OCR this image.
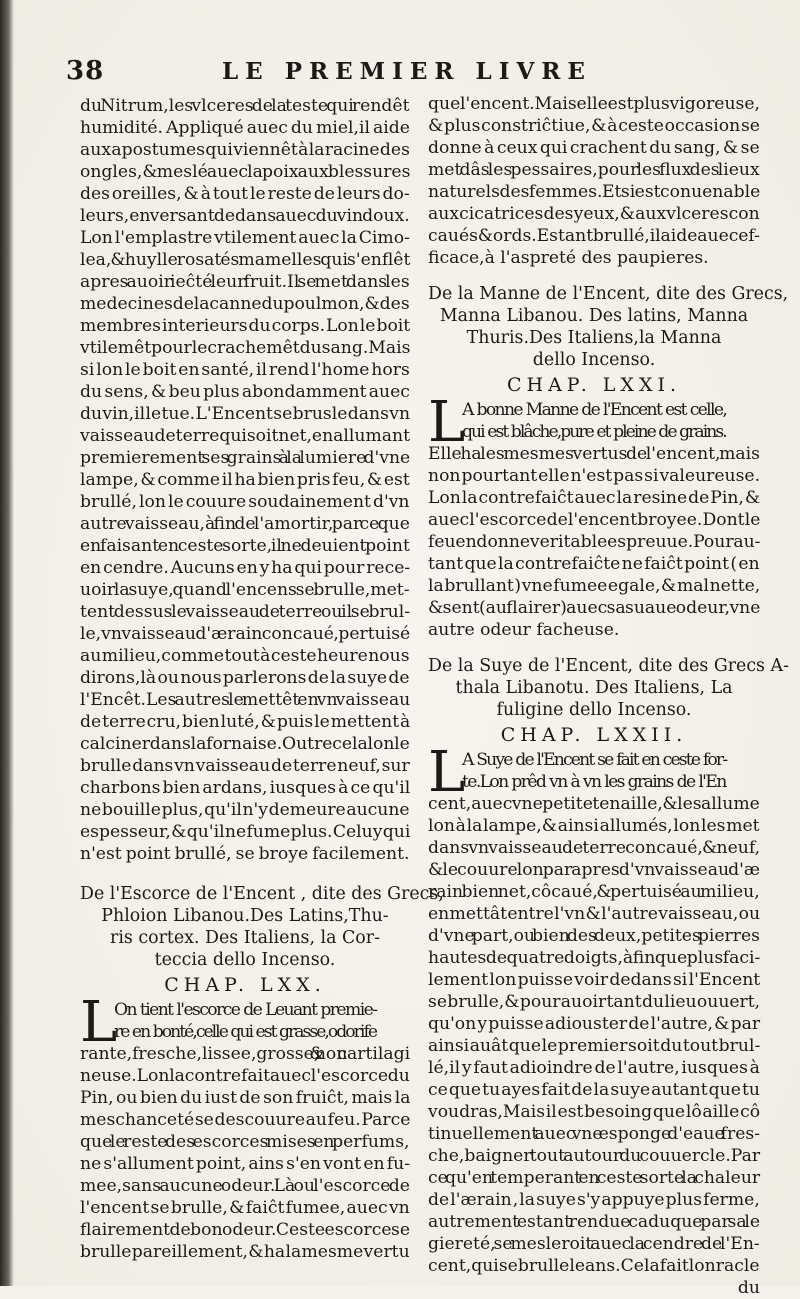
38	LE PREMIER LIVRE
du Nitrum,les vlceres de la teste qui rendêt
humidité. Appliqué auec du miel,il aide
aux apostumes qui viennêt à la racine des
ongles,& meslé auec la poix aux blessures
des oreilles, & à tout le reste de leurs do-
leurs,en versant dedans auec du vin doux.
Lon l'emplastre vtilement auec la Cimo-
lea, & huylle rosat és mamelles qui s'enflêt
apres auoir ieĉté leur fruit.Il se met dans les
medecines de la canne du poulmon, & des
membres interieurs du corps. Lon le boit
vtilemêt pour le crachemêt du sang. Mais
si lon le boit en santé, il rend l'home hors
du sens, & beu plus abondamment auec
du vin,il le tue. L'Encent se brusle dans vn
vaisseau de terre qui soit net , en allumant
premierement ses grains à la lumiere d'vne
lampe, & comme il ha bien pris feu, & est
brullé, lon le couure soudainement d'vn
autre vaisseau,à fin de l'amortir, par ce que
en faisant en ceste sorte, il ne deuient point
en cendre. Aucuns en y ha qui pour rece-
uoir la suye, quand l'encens se brulle,met-
tent dessus le vaisseau de terre ou il se brul-
le,vn vaisseau d'ærain concaué , pertuisé
au milieu,comme tout à ceste heure nous
dirons,là ou nous parlerons de la suye de
l'Encêt.Les autres le mettêt en vn vaisseau
de terre cru, bien luté, & puis le mettent à
calciner dans la fornaise. Outre cela lon le
brulle dans vn vaisseau de terre neuf, sur
charbons bien ardans, iusques à ce qu'il
ne bouille plus, qu'il n'y demeure aucune
espesseur, & qu'il ne fume plus. Celuy qui
n'est point brullé, se broye facilement.
De l'Escorce de l'Encent , dite des Grecs,
Phloion Libanou.Des Latins,Thu-
ris cortex. Des Italiens, la Cor-
teccia dello Incenso.
CHAP. LXX.
L
On tient l'escorce de Leuant premie-
re en bonté,celle qui est grasse,odorife
rante,fresche,lissee,grosse, & non cartilagi
neuse. Lon la contrefait auec l'escorce du
Pin, ou bien du iust de son fruiĉt, mais la
meschanceté se descouure au feu. Parce
que le reste des escorces mises en perfums,
ne s'allument point, ains s'en vont en fu-
mee,sans aucune odeur. Là ou l'escorce de
l'encent se brulle, & faiĉt fumee, auec vn
flairement de bon odeur. Ceste escorce se
brulle pareillement, & ha la mesme vertu
que l'encent. Mais elle est plus vigoreuse,
& plus constriĉtiue, & à ceste occasion se
donne à ceux qui crachent du sang, & se
met dâs les pessaires,pour les flux des lieux
naturels des femmes. Et si est conuenable
aux cicatrices des yeux,& aux vlceres con
caués & ords. Estant brullé, il aide auec ef-
ficace,à l'aspreté des paupieres.
De la Manne de l'Encent, dite des Grecs,
Manna Libanou. Des latins, Manna
Thuris.Des Italiens,la Manna
dello Incenso.
CHAP. LXXI.
L
A bonne Manne de l'Encent est celle,
qui est blâche,pure et pleine de grains.
Elle ha les mesmes vertus de l'encent, mais
non pourtant elle n'est pas si valeureuse.
Lon la contrefaiĉt auec la resine de Pin, &
auec l'escorce de l'encent broyee. Dont le
feu en donne veritable espreuue. Pour au-
tant que la contrefaiĉte ne faiĉt point ( en
la brullant ) vne fumee egale, & mal nette,
& sent (au flairer) auec sa suaue odeur, vne
autre odeur facheuse.
De la Suye de l'Encent, dite des Grecs A-
thala Libanotu. Des Italiens, La
fuligine dello Incenso.
CHAP. LXXII.
L
A Suye de l'Encent se fait en ceste for-
te.Lon prêd vn à vn les grains de l'En
cent,auec vne petite tenaille, & les allume
lon à la lampe,& ainsi allumés, lon les met
dans vn vaisseau de terre concaué, & neuf,
& le couure lon par apres d'vn vaisseau d'æ
rain bien net,côcaué, & pertuisé au milieu,
en mettât entre l'vn & l'autre vaisseau, ou
d'vne part,ou bien des deux,petites pierres
hautes de quatre doigts,à fin que plus faci-
lement lon puisse voir dedans si l'Encent
se brulle,& pour auoir tant du lieu ouuert,
qu'on y puisse adiouster de l'autre, & par
ainsi auât que le premier soit du tout brul-
lé,il y faut adioindre de l'autre, iusques à
ce que tu ayes fait de la suye autant que tu
voudras,Mais il est besoing que lô aille cô
tinuellement auec vne esponge d'eaue fres-
che,baigner tout autour du couuercle.Par
ce qu'en temperant en ceste sorte la chaleur
de l'ærain , la suye s'y appuye plus ferme,
autrement estant rendue caduque par sa le
giereté, se mesleroit auec la cendre de l'En-
cent,qui se brulle leans. Cela fait lon racle
du
